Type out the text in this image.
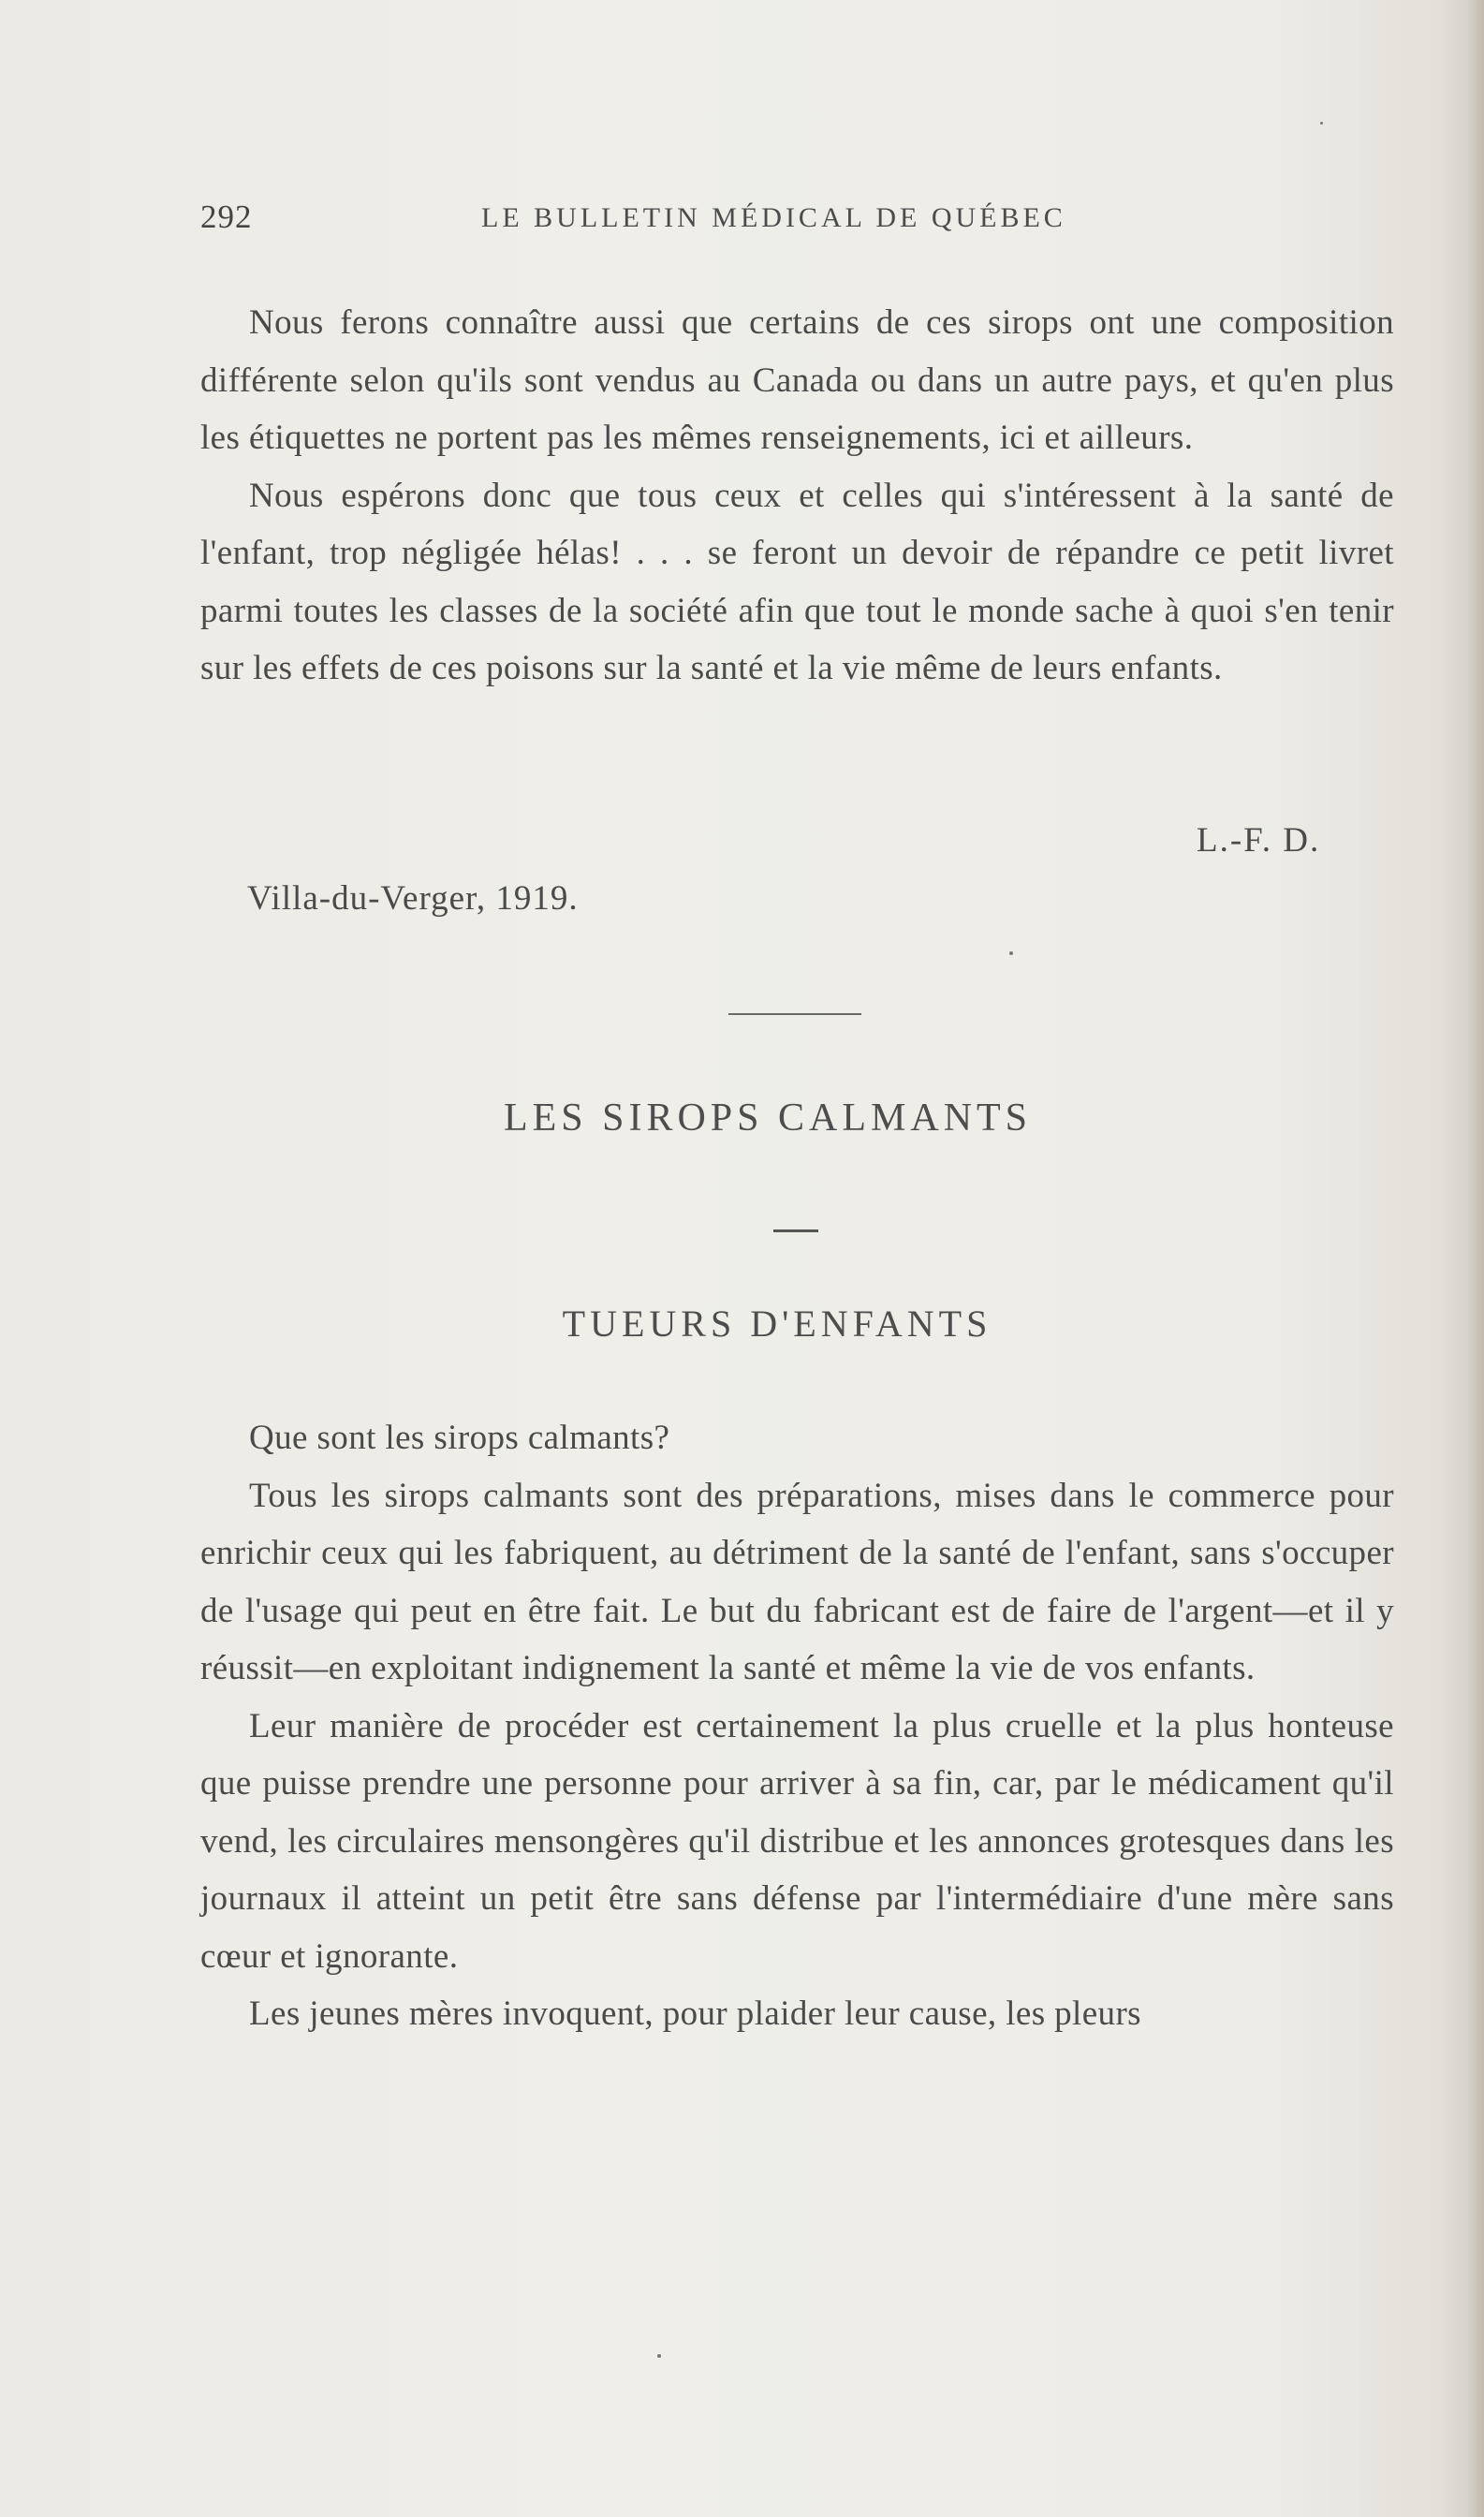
292	LE BULLETIN MÉDICAL DE QUÉBEC

Nous ferons connaître aussi que certains de ces sirops ont une composition différente selon qu'ils sont vendus au Canada ou dans un autre pays, et qu'en plus les étiquettes ne portent pas les mêmes renseignements, ici et ailleurs.

Nous espérons donc que tous ceux et celles qui s'intéressent à la santé de l'enfant, trop négligée hélas! . . . se feront un devoir de répandre ce petit livret parmi toutes les classes de la société afin que tout le monde sache à quoi s'en tenir sur les effets de ces poisons sur la santé et la vie même de leurs enfants.

L.-F. D.
Villa-du-Verger, 1919.
LES SIROPS CALMANTS
TUEURS D'ENFANTS

Que sont les sirops calmants?

Tous les sirops calmants sont des préparations, mises dans le commerce pour enrichir ceux qui les fabriquent, au détriment de la santé de l'enfant, sans s'occuper de l'usage qui peut en être fait. Le but du fabricant est de faire de l'argent—et il y réussit—en exploitant indignement la santé et même la vie de vos enfants.

Leur manière de procéder est certainement la plus cruelle et la plus honteuse que puisse prendre une personne pour arriver à sa fin, car, par le médicament qu'il vend, les circulaires mensongères qu'il distribue et les annonces grotesques dans les journaux il atteint un petit être sans défense par l'intermédiaire d'une mère sans cœur et ignorante.

Les jeunes mères invoquent, pour plaider leur cause, les pleurs
